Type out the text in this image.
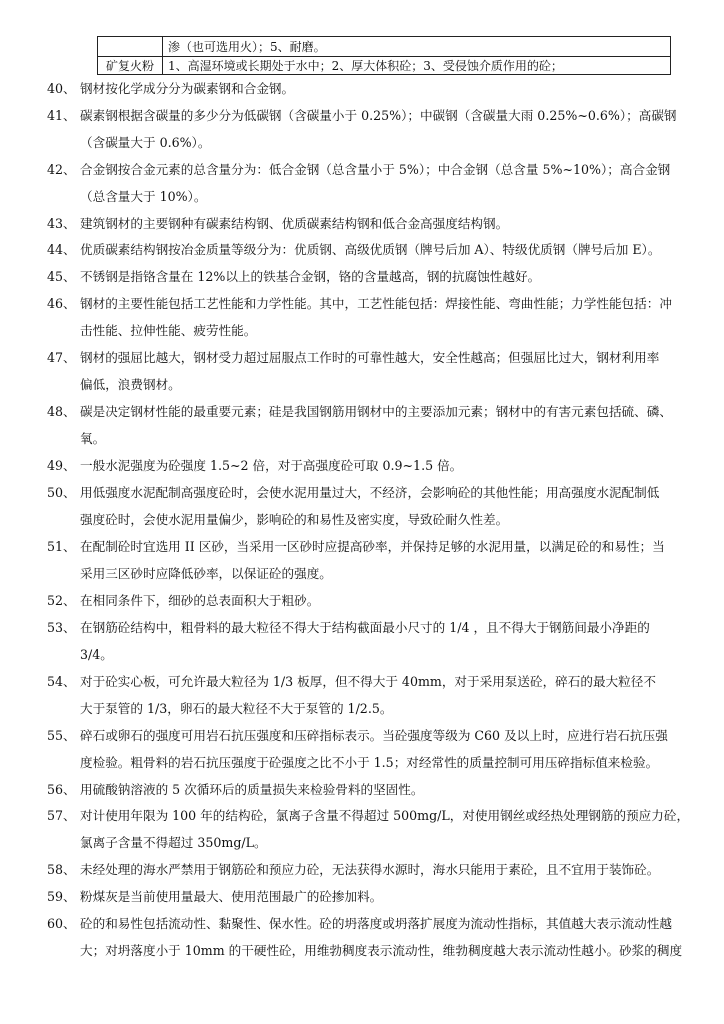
	渗（也可选用火）；5、耐磨。
矿复火粉	1、高湿环境或长期处于水中；2、厚大体积砼；3、受侵蚀介质作用的砼；
40、 钢材按化学成分分为碳素钢和合金钢。
41、 碳素钢根据含碳量的多少分为低碳钢（含碳量小于 0.25%）；中碳钢（含碳量大雨 0.25%~0.6%）；高碳钢
（含碳量大于 0.6%）。
42、 合金钢按合金元素的总含量分为：低合金钢（总含量小于 5%）；中合金钢（总含量 5%~10%）；高合金钢
（总含量大于 10%）。
43、 建筑钢材的主要钢种有碳素结构钢、优质碳素结构钢和低合金高强度结构钢。
44、 优质碳素结构钢按冶金质量等级分为：优质钢、高级优质钢（牌号后加 A）、特级优质钢（牌号后加 E）。
45、 不锈钢是指铬含量在 12%以上的铁基合金钢，铬的含量越高，钢的抗腐蚀性越好。
46、 钢材的主要性能包括工艺性能和力学性能。其中，工艺性能包括：焊接性能、弯曲性能；力学性能包括：冲
击性能、拉伸性能、疲劳性能。
47、 钢材的强屈比越大，钢材受力超过屈服点工作时的可靠性越大，安全性越高；但强屈比过大，钢材利用率
偏低，浪费钢材。
48、 碳是决定钢材性能的最重要元素；硅是我国钢筋用钢材中的主要添加元素；钢材中的有害元素包括硫、磷、
氧。
49、 一般水泥强度为砼强度 1.5~2 倍，对于高强度砼可取 0.9~1.5 倍。
50、 用低强度水泥配制高强度砼时，会使水泥用量过大，不经济，会影响砼的其他性能；用高强度水泥配制低
强度砼时，会使水泥用量偏少，影响砼的和易性及密实度，导致砼耐久性差。
51、 在配制砼时宜选用 II 区砂，当采用一区砂时应提高砂率，并保持足够的水泥用量，以满足砼的和易性；当
采用三区砂时应降低砂率，以保证砼的强度。
52、 在相同条件下，细砂的总表面积大于粗砂。
53、 在钢筋砼结构中，粗骨料的最大粒径不得大于结构截面最小尺寸的 1/4 ，且不得大于钢筋间最小净距的
3/4。
54、 对于砼实心板，可允许最大粒径为 1/3 板厚，但不得大于 40mm，对于采用泵送砼，碎石的最大粒径不
大于泵管的 1/3，卵石的最大粒径不大于泵管的 1/2.5。
55、 碎石或卵石的强度可用岩石抗压强度和压碎指标表示。当砼强度等级为 C60 及以上时，应进行岩石抗压强
度检验。粗骨料的岩石抗压强度于砼强度之比不小于 1.5；对经常性的质量控制可用压碎指标值来检验。
56、 用硫酸钠溶液的 5 次循环后的质量损失来检验骨料的坚固性。
57、 对计使用年限为 100 年的结构砼，氯离子含量不得超过 500mg/L，对使用钢丝或经热处理钢筋的预应力砼，
氯离子含量不得超过 350mg/L。
58、 未经处理的海水严禁用于钢筋砼和预应力砼，无法获得水源时，海水只能用于素砼，且不宜用于装饰砼。
59、 粉煤灰是当前使用量最大、使用范围最广的砼掺加料。
60、 砼的和易性包括流动性、黏聚性、保水性。砼的坍落度或坍落扩展度为流动性指标，其值越大表示流动性越
大；对坍落度小于 10mm 的干硬性砼，用维勃稠度表示流动性，维勃稠度越大表示流动性越小。砂浆的稠度
